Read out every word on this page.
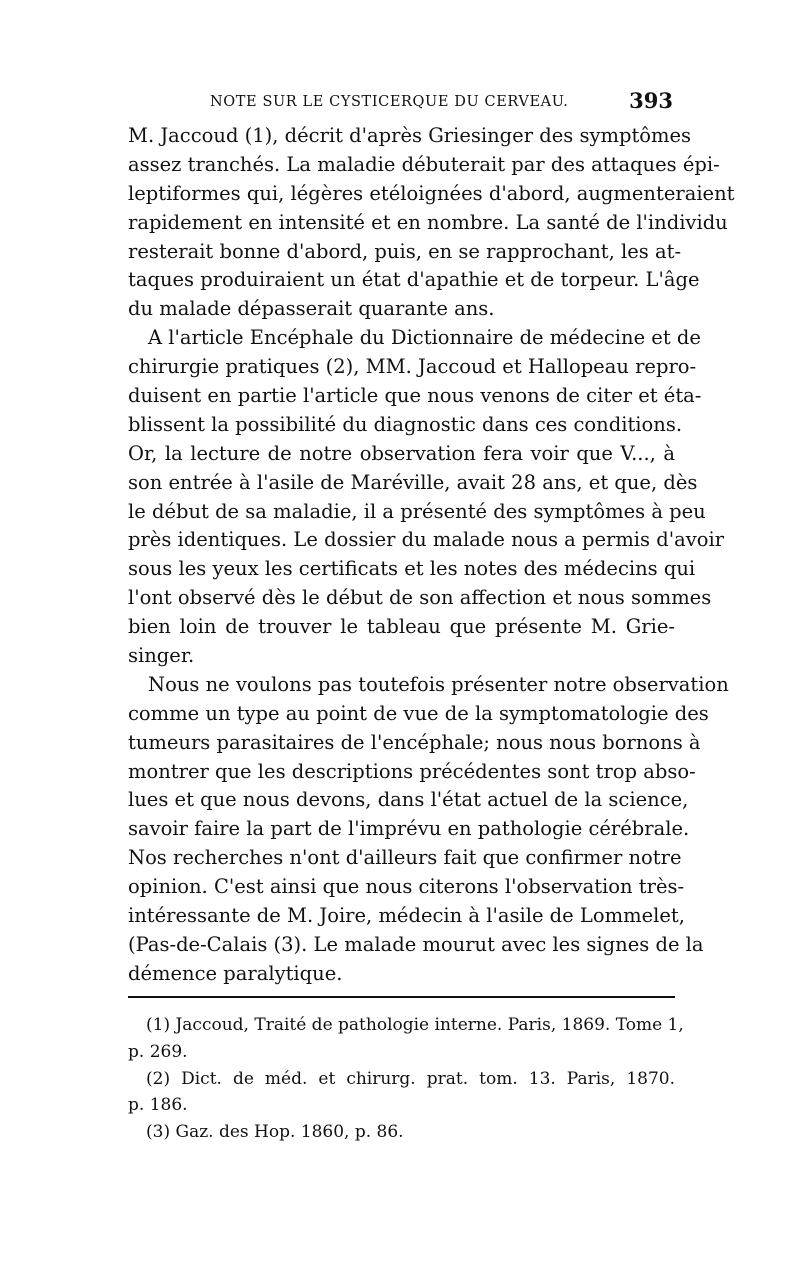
NOTE SUR LE CYSTICERQUE DU CERVEAU.	393
M. Jaccoud (1), décrit d'après Griesinger des symptômes
assez tranchés. La maladie débuterait par des attaques épi-
leptiformes qui, légères etéloignées d'abord, augmenteraient
rapidement en intensité et en nombre. La santé de l'individu
resterait bonne d'abord, puis, en se rapprochant, les at-
taques produiraient un état d'apathie et de torpeur. L'âge
du malade dépasserait quarante ans.
A l'article Encéphale du Dictionnaire de médecine et de
chirurgie pratiques (2), MM. Jaccoud et Hallopeau repro-
duisent en partie l'article que nous venons de citer et éta-
blissent la possibilité du diagnostic dans ces conditions.
Or, la lecture de notre observation fera voir que V..., à
son entrée à l'asile de Maréville, avait 28 ans, et que, dès
le début de sa maladie, il a présenté des symptômes à peu
près identiques. Le dossier du malade nous a permis d'avoir
sous les yeux les certificats et les notes des médecins qui
l'ont observé dès le début de son affection et nous sommes
bien loin de trouver le tableau que présente M. Grie-
singer.
Nous ne voulons pas toutefois présenter notre observation
comme un type au point de vue de la symptomatologie des
tumeurs parasitaires de l'encéphale; nous nous bornons à
montrer que les descriptions précédentes sont trop abso-
lues et que nous devons, dans l'état actuel de la science,
savoir faire la part de l'imprévu en pathologie cérébrale.
Nos recherches n'ont d'ailleurs fait que confirmer notre
opinion. C'est ainsi que nous citerons l'observation très-
intéressante de M. Joire, médecin à l'asile de Lommelet,
(Pas-de-Calais (3). Le malade mourut avec les signes de la
démence paralytique.
(1) Jaccoud, Traité de pathologie interne. Paris, 1869. Tome 1,
p. 269.
(2) Dict. de méd. et chirurg. prat. tom. 13. Paris, 1870.
p. 186.
(3) Gaz. des Hop. 1860, p. 86.
